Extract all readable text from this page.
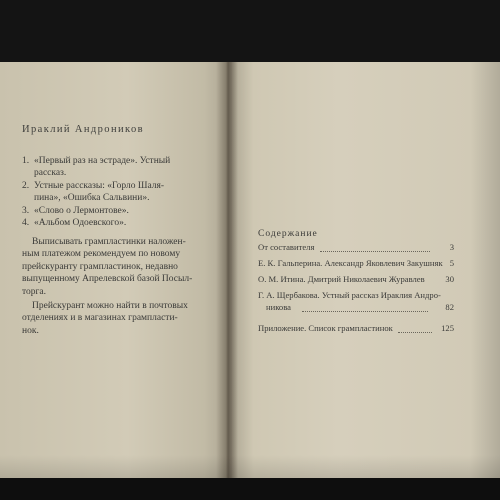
Ираклий Андроников
1. «Первый раз на эстраде». Устный
рассказ.
2. Устные рассказы: «Горло Шаля-
пина», «Ошибка Сальвини».
3. «Слово о Лермонтове».
4. «Альбом Одоевского».
Выписывать грампластинки наложен-
ным платежом рекомендуем по новому
прейскуранту грампластинок, недавно
выпущенному Апрелевской базой Посыл-
торга.
Прейскурант можно найти в почтовых
отделениях и в магазинах грампласти-
нок.
Содержание
От составителя	3
Е. К. Гальперина. Александр Яковлевич Закушняк 5
О. М. Итина. Дмитрий Николаевич Журавлев 30
Г. А. Щербакова. Устный рассказ Ираклия Андро-
никова	82
Приложение. Список грампластинок	125
